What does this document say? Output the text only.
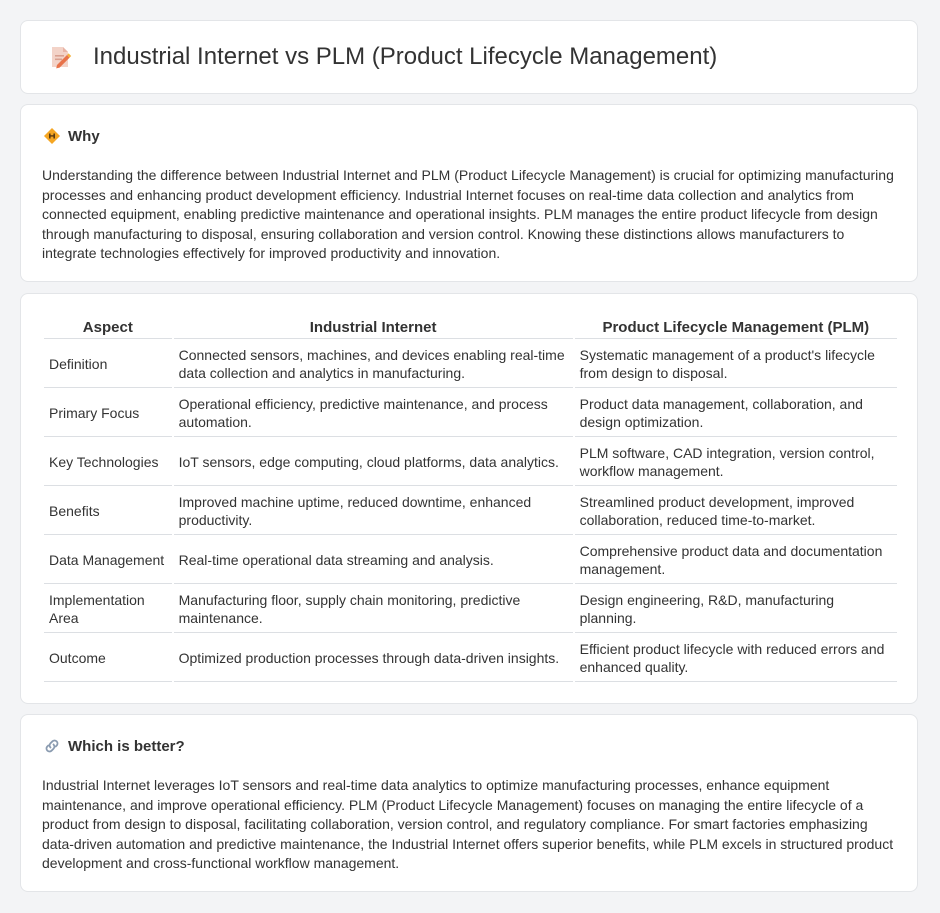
Industrial Internet vs PLM (Product Lifecycle Management)
Why

Understanding the difference between Industrial Internet and PLM (Product Lifecycle Management) is crucial for optimizing manufacturing processes and enhancing product development efficiency. Industrial Internet focuses on real-time data collection and analytics from connected equipment, enabling predictive maintenance and operational insights. PLM manages the entire product lifecycle from design through manufacturing to disposal, ensuring collaboration and version control. Knowing these distinctions allows manufacturers to integrate technologies effectively for improved productivity and innovation.

Aspect	Industrial Internet	Product Lifecycle Management (PLM)
Definition	Connected sensors, machines, and devices enabling real-time data collection and analytics in manufacturing.	Systematic management of a product's lifecycle from design to disposal.
Primary Focus	Operational efficiency, predictive maintenance, and process automation.	Product data management, collaboration, and design optimization.
Key Technologies	IoT sensors, edge computing, cloud platforms, data analytics.	PLM software, CAD integration, version control, workflow management.
Benefits	Improved machine uptime, reduced downtime, enhanced productivity.	Streamlined product development, improved collaboration, reduced time-to-market.
Data Management	Real-time operational data streaming and analysis.	Comprehensive product data and documentation management.
Implementation Area	Manufacturing floor, supply chain monitoring, predictive maintenance.	Design engineering, R&D, manufacturing planning.
Outcome	Optimized production processes through data-driven insights.	Efficient product lifecycle with reduced errors and enhanced quality.
Which is better?

Industrial Internet leverages IoT sensors and real-time data analytics to optimize manufacturing processes, enhance equipment maintenance, and improve operational efficiency. PLM (Product Lifecycle Management) focuses on managing the entire lifecycle of a product from design to disposal, facilitating collaboration, version control, and regulatory compliance. For smart factories emphasizing data-driven automation and predictive maintenance, the Industrial Internet offers superior benefits, while PLM excels in structured product development and cross-functional workflow management.
